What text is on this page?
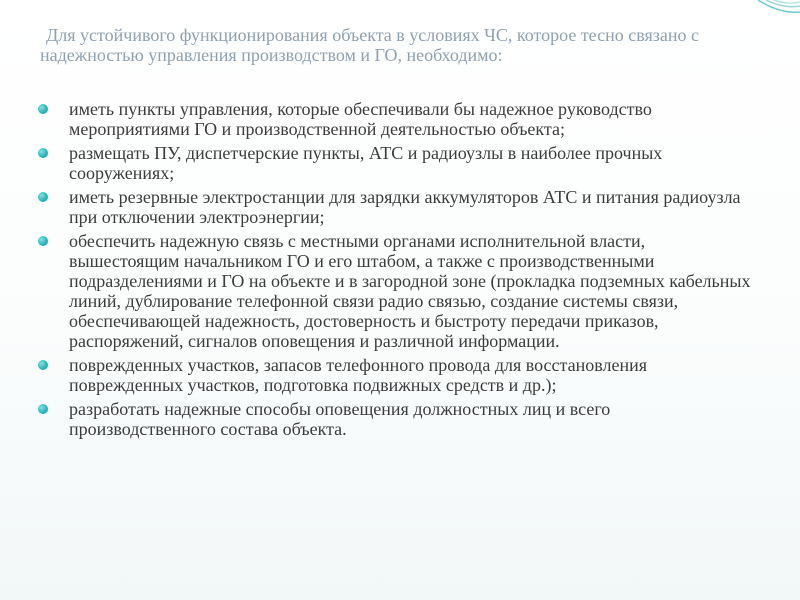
Для устойчивого функционирования объекта в условиях ЧС, которое тесно связано с надежностью управления производством и ГО, необходимо:

иметь пункты управления, которые обеспечивали бы надежное руководство мероприятиями ГО и производственной деятельностью объекта;
размещать ПУ, диспетчерские пункты, АТС и радиоузлы в наиболее прочных сооружениях;
иметь резервные электростанции для зарядки аккумуляторов АТС и питания радиоузла при отключении электроэнергии;
обеспечить надежную связь с местными органами исполнительной власти, вышестоящим начальником ГО и его штабом, а также с производственными подразделениями и ГО на объекте и в загородной зоне (прокладка подземных кабельных линий, дублирование телефонной связи радио связью, создание системы связи, обеспечивающей надежность, достоверность и быстроту передачи приказов, распоряжений, сигналов оповещения и различной информации.
поврежденных участков, запасов телефонного провода для восстановления поврежденных участков, подготовка подвижных средств и др.);
разработать надежные способы оповещения должностных лиц и всего производственного состава объекта.
